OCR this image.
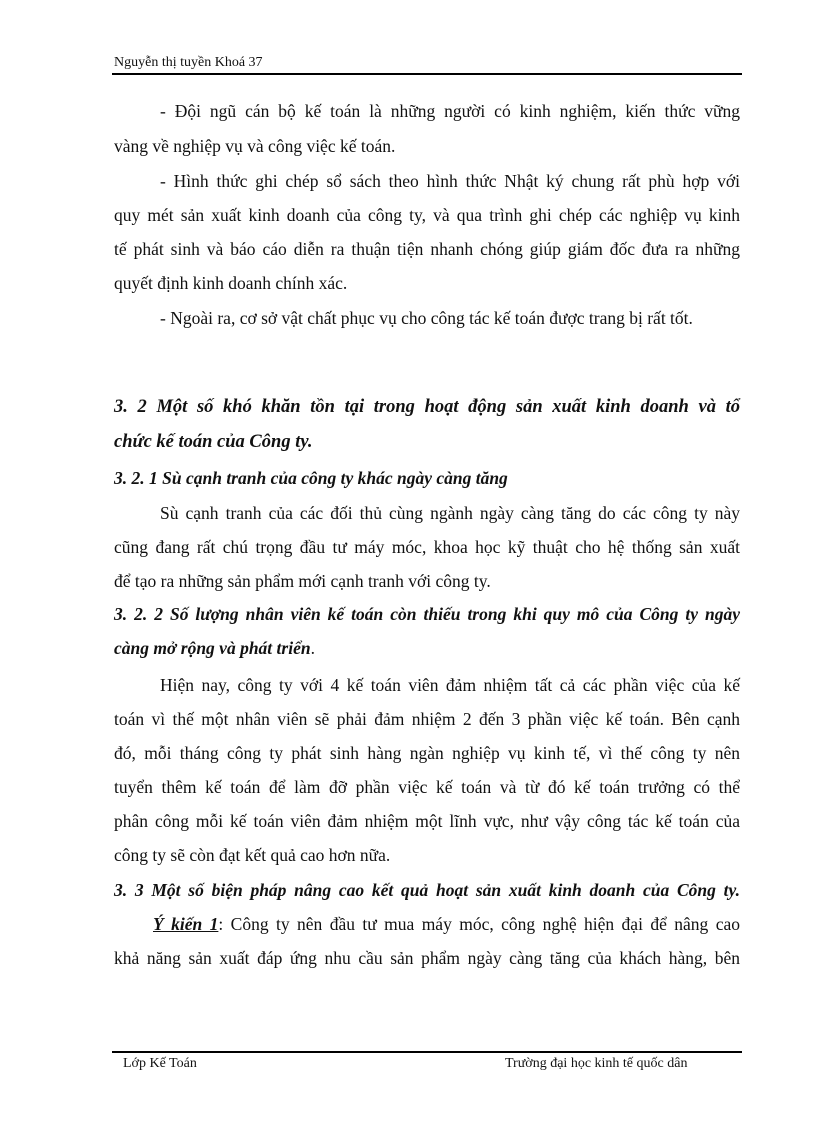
Nguyễn thị tuyền Khoá 37
- Đội ngũ cán bộ kế toán là những người có kinh nghiệm, kiến thức vững
vàng về nghiệp vụ và công việc kế toán.
- Hình thức ghi chép sổ sách theo hình thức Nhật ký chung rất phù hợp với
quy mét sản xuất kinh doanh của công ty, và qua trình ghi chép các nghiệp vụ kinh
tế phát sinh và báo cáo diễn ra thuận tiện nhanh chóng giúp giám đốc đưa ra những
quyết định kinh doanh chính xác.
- Ngoài ra, cơ sở vật chất phục vụ cho công tác kế toán được trang bị rất tốt.
3. 2 Một số khó khăn tồn tại trong hoạt động sản xuất kinh doanh và tổ
chức kế toán của Công ty.
3. 2. 1 Sù cạnh tranh của công ty khác ngày càng tăng
Sù cạnh tranh của các đối thủ cùng ngành ngày càng tăng do các công ty này
cũng đang rất chú trọng đầu tư máy móc, khoa học kỹ thuật cho hệ thống sản xuất
để tạo ra những sản phẩm mới cạnh tranh với công ty.
3. 2. 2 Số lượng nhân viên kế toán còn thiếu trong khi quy mô của Công ty ngày
càng mở rộng và phát triển.
Hiện nay, công ty với 4 kế toán viên đảm nhiệm tất cả các phần việc của kế
toán vì thế một nhân viên sẽ phải đảm nhiệm 2 đến 3 phần việc kế toán. Bên cạnh
đó, mỗi tháng công ty phát sinh hàng ngàn nghiệp vụ kinh tế, vì thế công ty nên
tuyển thêm kế toán để làm đỡ phần việc kế toán và từ đó kế toán trưởng có thể
phân công mỗi kế toán viên đảm nhiệm một lĩnh vực, như vậy công tác kế toán của
công ty sẽ còn đạt kết quả cao hơn nữa.
3. 3 Một số biện pháp nâng cao kết quả hoạt sản xuất kinh doanh của Công ty.
Ý kiến 1: Công ty nên đầu tư mua máy móc, công nghệ hiện đại để nâng cao
khả năng sản xuất đáp ứng nhu cầu sản phẩm ngày càng tăng của khách hàng, bên
Lớp Kế Toán	Trường đại học kinh tế quốc dân
